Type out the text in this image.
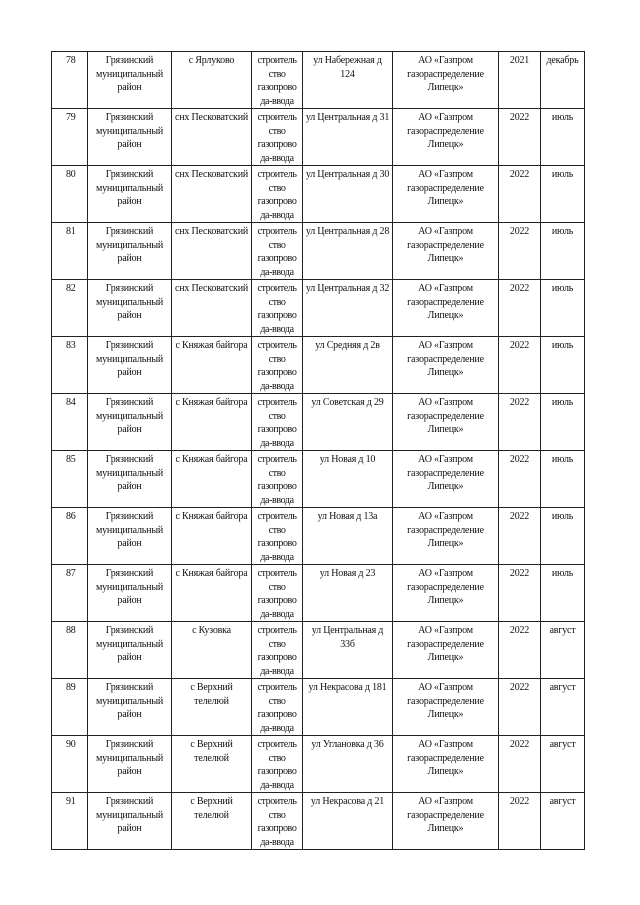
78	Грязинский муниципальный район	с Ярлуково	строитель ство газопрово да-ввода	ул Набережная д 124	АО «Газпром газораспределение Липецк»	2021	декабрь
79	Грязинский муниципальный район	снх Песковатский	строитель ство газопрово да-ввода	ул Центральная д 31	АО «Газпром газораспределение Липецк»	2022	июль
80	Грязинский муниципальный район	снх Песковатский	строитель ство газопрово да-ввода	ул Центральная д 30	АО «Газпром газораспределение Липецк»	2022	июль
81	Грязинский муниципальный район	снх Песковатский	строитель ство газопрово да-ввода	ул Центральная д 28	АО «Газпром газораспределение Липецк»	2022	июль
82	Грязинский муниципальный район	снх Песковатский	строитель ство газопрово да-ввода	ул Центральная д 32	АО «Газпром газораспределение Липецк»	2022	июль
83	Грязинский муниципальный район	с Княжая байгора	строитель ство газопрово да-ввода	ул Средняя д 2в	АО «Газпром газораспределение Липецк»	2022	июль
84	Грязинский муниципальный район	с Княжая байгора	строитель ство газопрово да-ввода	ул Советская д 29	АО «Газпром газораспределение Липецк»	2022	июль
85	Грязинский муниципальный район	с Княжая байгора	строитель ство газопрово да-ввода	ул Новая д 10	АО «Газпром газораспределение Липецк»	2022	июль
86	Грязинский муниципальный район	с Княжая байгора	строитель ство газопрово да-ввода	ул Новая д 13а	АО «Газпром газораспределение Липецк»	2022	июль
87	Грязинский муниципальный район	с Княжая байгора	строитель ство газопрово да-ввода	ул Новая д 23	АО «Газпром газораспределение Липецк»	2022	июль
88	Грязинский муниципальный район	с Кузовка	строитель ство газопрово да-ввода	ул Центральная д 33б	АО «Газпром газораспределение Липецк»	2022	август
89	Грязинский муниципальный район	с Верхний телелюй	строитель ство газопрово да-ввода	ул Некрасова д 181	АО «Газпром газораспределение Липецк»	2022	август
90	Грязинский муниципальный район	с Верхний телелюй	строитель ство газопрово да-ввода	ул Углановка д 36	АО «Газпром газораспределение Липецк»	2022	август
91	Грязинский муниципальный район	с Верхний телелюй	строитель ство газопрово да-ввода	ул Некрасова д 21	АО «Газпром газораспределение Липецк»	2022	август
